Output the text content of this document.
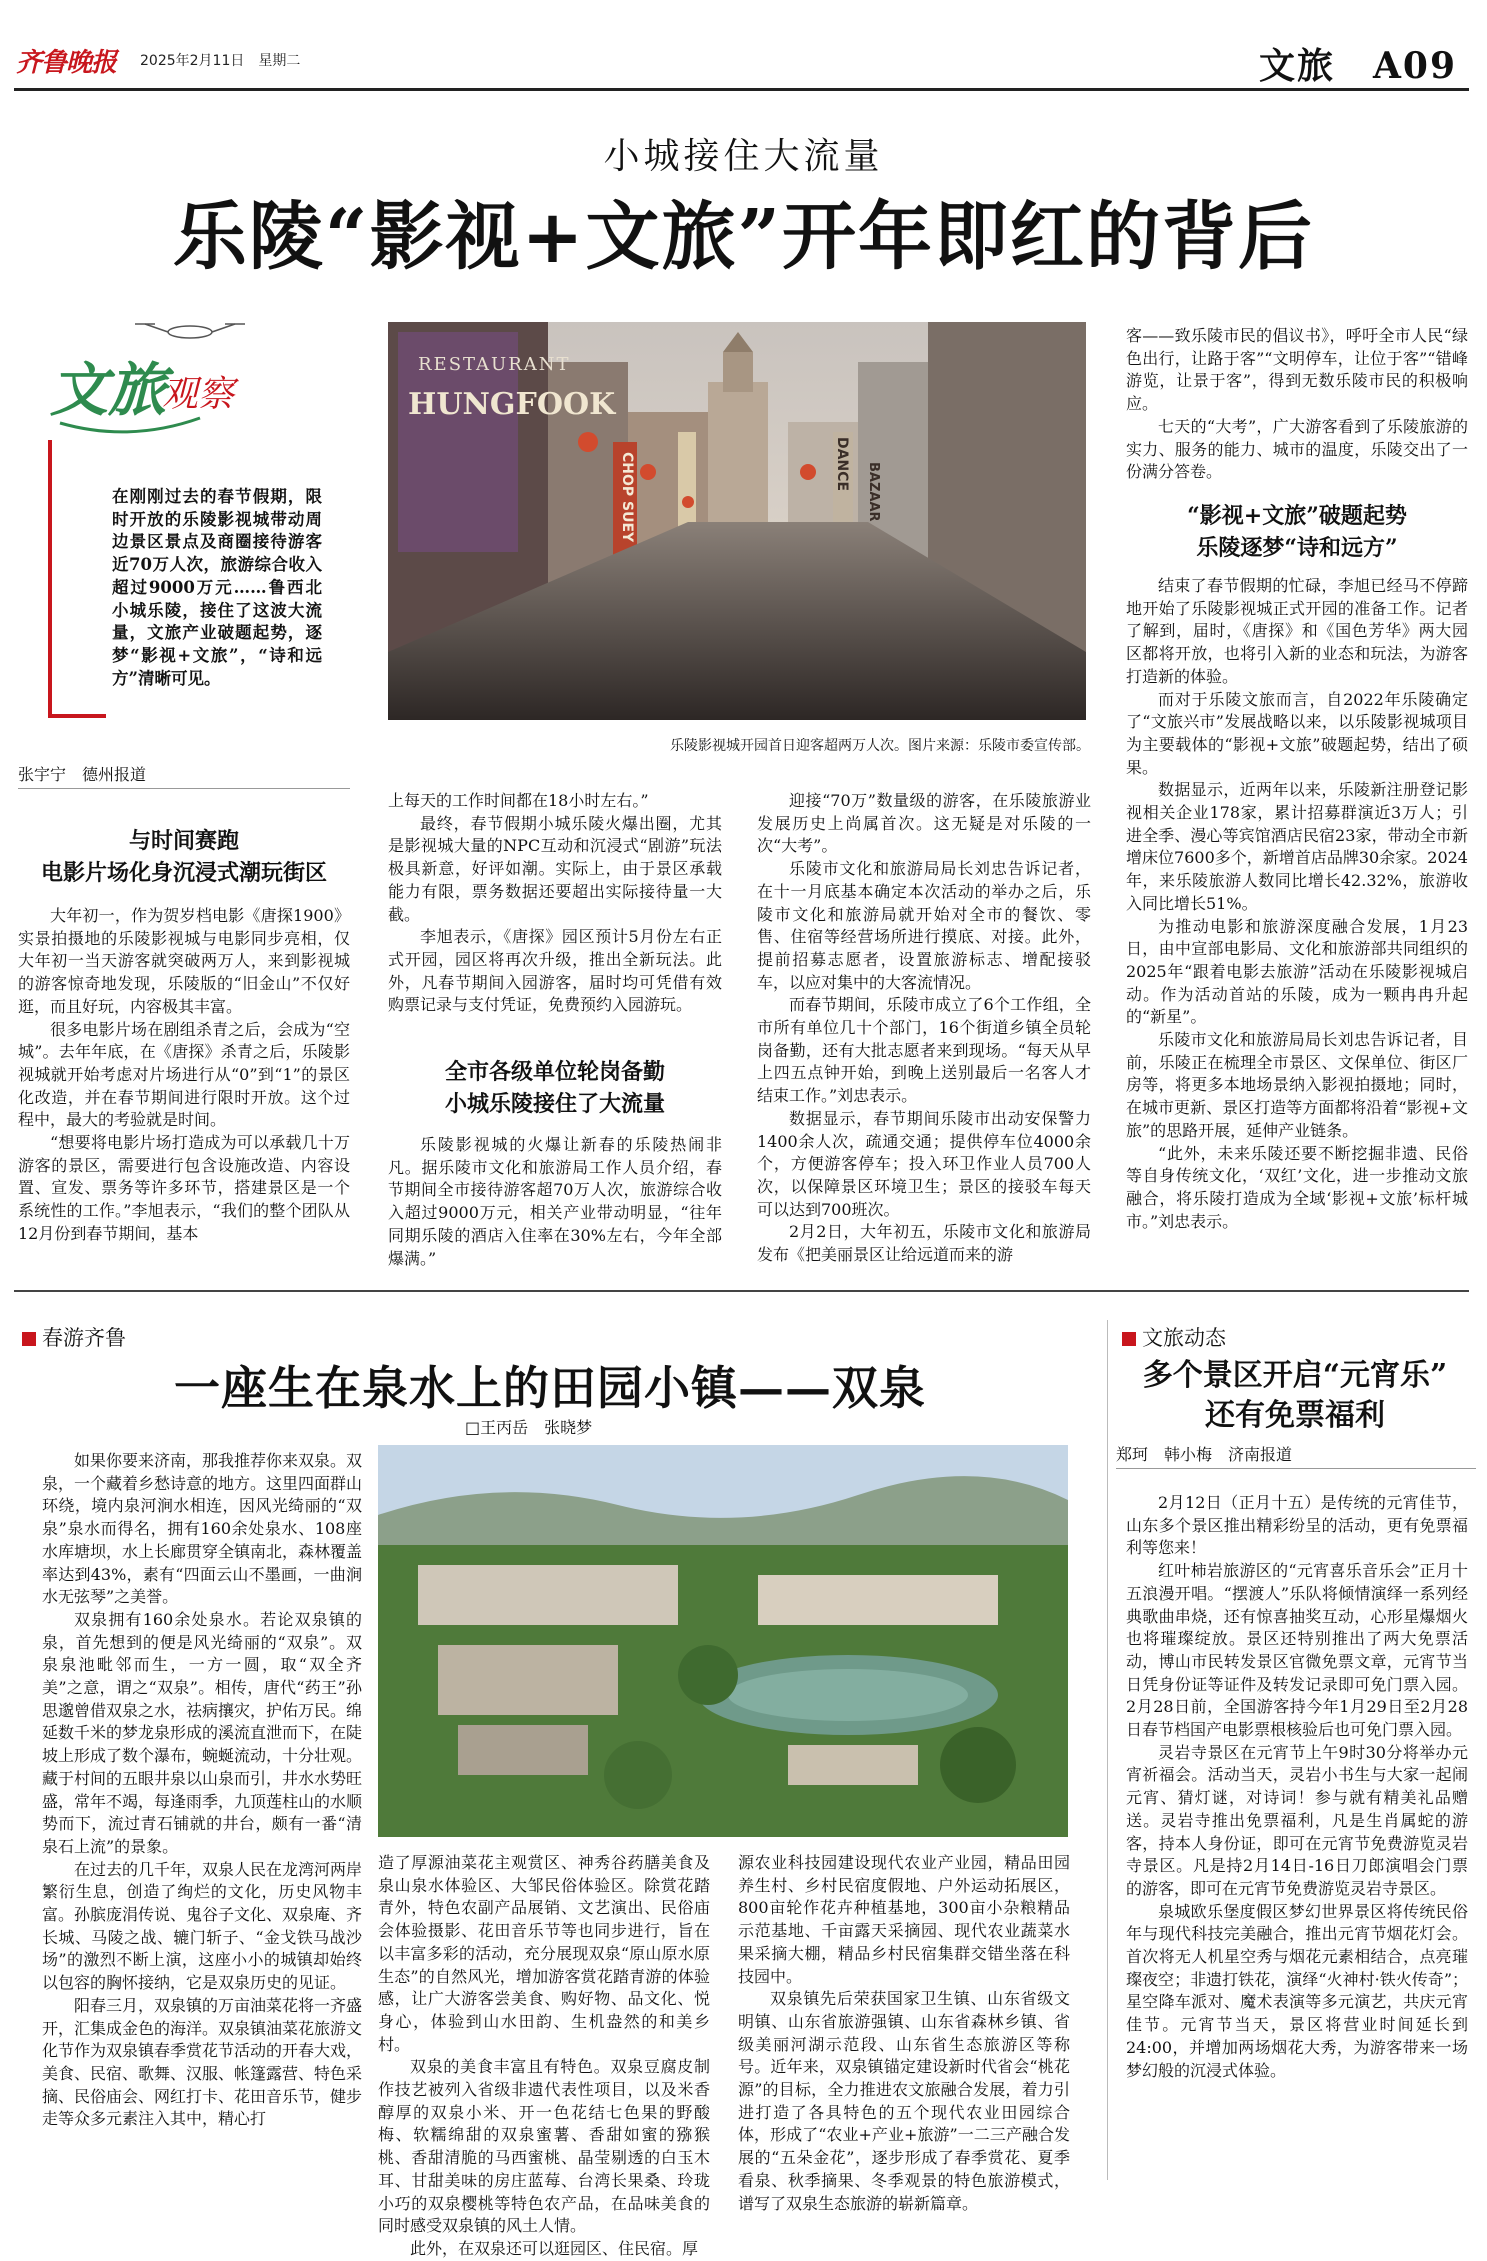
齐鲁晚报 2025年2月11日　星期二	文旅　A09
小城接住大流量
乐陵“影视+文旅”开年即红的背后
文旅
观察
在刚刚过去的春节假期，限时开放的乐陵影视城带动周边景区景点及商圈接待游客近70万人次，旅游综合收入超过9000万元……鲁西北小城乐陵，接住了这波大流量，文旅产业破题起势，逐梦“影视+文旅”，“诗和远方”清晰可见。
RESTAURANT
HUNGFOOK
CHOP SUEY	DANCE BAZAAR
乐陵影视城开园首日迎客超两万人次。图片来源：乐陵市委宣传部。
张宇宁　德州报道
与时间赛跑
电影片场化身沉浸式潮玩街区

大年初一，作为贺岁档电影《唐探1900》实景拍摄地的乐陵影视城与电影同步亮相，仅大年初一当天游客就突破两万人，来到影视城的游客惊奇地发现，乐陵版的“旧金山”不仅好逛，而且好玩，内容极其丰富。

很多电影片场在剧组杀青之后，会成为“空城”。去年年底，在《唐探》杀青之后，乐陵影视城就开始考虑对片场进行从“0”到“1”的景区化改造，并在春节期间进行限时开放。这个过程中，最大的考验就是时间。

“想要将电影片场打造成为可以承载几十万游客的景区，需要进行包含设施改造、内容设置、宣发、票务等许多环节，搭建景区是一个系统性的工作。”李旭表示，“我们的整个团队从12月份到春节期间，基本

上每天的工作时间都在18小时左右。”

最终，春节假期小城乐陵火爆出圈，尤其是影视城大量的NPC互动和沉浸式“剧游”玩法极具新意，好评如潮。实际上，由于景区承载能力有限，票务数据还要超出实际接待量一大截。

李旭表示，《唐探》园区预计5月份左右正式开园，园区将再次升级，推出全新玩法。此外，凡春节期间入园游客，届时均可凭借有效购票记录与支付凭证，免费预约入园游玩。

全市各级单位轮岗备勤
小城乐陵接住了大流量

乐陵影视城的火爆让新春的乐陵热闹非凡。据乐陵市文化和旅游局工作人员介绍，春节期间全市接待游客超70万人次，旅游综合收入超过9000万元，相关产业带动明显，“往年同期乐陵的酒店入住率在30%左右，今年全部爆满。”

迎接“70万”数量级的游客，在乐陵旅游业发展历史上尚属首次。这无疑是对乐陵的一次“大考”。

乐陵市文化和旅游局局长刘忠告诉记者，在十一月底基本确定本次活动的举办之后，乐陵市文化和旅游局就开始对全市的餐饮、零售、住宿等经营场所进行摸底、对接。此外，提前招募志愿者，设置旅游标志、增配接驳车，以应对集中的大客流情况。

而春节期间，乐陵市成立了6个工作组，全市所有单位几十个部门，16个街道乡镇全员轮岗备勤，还有大批志愿者来到现场。“每天从早上四五点钟开始，到晚上送别最后一名客人才结束工作。”刘忠表示。

数据显示，春节期间乐陵市出动安保警力1400余人次，疏通交通；提供停车位4000余个，方便游客停车；投入环卫作业人员700人次，以保障景区环境卫生；景区的接驳车每天可以达到700班次。

2月2日，大年初五，乐陵市文化和旅游局发布《把美丽景区让给远道而来的游

客——致乐陵市民的倡议书》，呼吁全市人民“绿色出行，让路于客”“文明停车，让位于客”“错峰游览，让景于客”，得到无数乐陵市民的积极响应。

七天的“大考”，广大游客看到了乐陵旅游的实力、服务的能力、城市的温度，乐陵交出了一份满分答卷。

“影视+文旅”破题起势
乐陵逐梦“诗和远方”

结束了春节假期的忙碌，李旭已经马不停蹄地开始了乐陵影视城正式开园的准备工作。记者了解到，届时，《唐探》和《国色芳华》两大园区都将开放，也将引入新的业态和玩法，为游客打造新的体验。

而对于乐陵文旅而言，自2022年乐陵确定了“文旅兴市”发展战略以来，以乐陵影视城项目为主要载体的“影视+文旅”破题起势，结出了硕果。

数据显示，近两年以来，乐陵新注册登记影视相关企业178家，累计招募群演近3万人；引进全季、漫心等宾馆酒店民宿23家，带动全市新增床位7600多个，新增首店品牌30余家。2024年，来乐陵旅游人数同比增长42.32%，旅游收入同比增长51%。

为推动电影和旅游深度融合发展，1月23日，由中宣部电影局、文化和旅游部共同组织的2025年“跟着电影去旅游”活动在乐陵影视城启动。作为活动首站的乐陵，成为一颗冉冉升起的“新星”。

乐陵市文化和旅游局局长刘忠告诉记者，目前，乐陵正在梳理全市景区、文保单位、街区厂房等，将更多本地场景纳入影视拍摄地；同时，在城市更新、景区打造等方面都将沿着“影视+文旅”的思路开展，延伸产业链条。

“此外，未来乐陵还要不断挖掘非遗、民俗等自身传统文化，‘双红’文化，进一步推动文旅融合，将乐陵打造成为全域‘影视+文旅’标杆城市。”刘忠表示。

春游齐鲁
一座生在泉水上的田园小镇——双泉
□王丙岳　张晓梦

如果你要来济南，那我推荐你来双泉。双泉，一个藏着乡愁诗意的地方。这里四面群山环绕，境内泉河涧水相连，因风光绮丽的“双泉”泉水而得名，拥有160余处泉水、108座水库塘坝，水上长廊贯穿全镇南北，森林覆盖率达到43%，素有“四面云山不墨画，一曲涧水无弦琴”之美誉。

双泉拥有160余处泉水。若论双泉镇的泉，首先想到的便是风光绮丽的“双泉”。双泉泉池毗邻而生，一方一圆，取“双全齐美”之意，谓之“双泉”。相传，唐代“药王”孙思邈曾借双泉之水，祛病攘灾，护佑万民。绵延数千米的梦龙泉形成的溪流直泄而下，在陡坡上形成了数个瀑布，蜿蜒流动，十分壮观。藏于村间的五眼井泉以山泉而引，井水水势旺盛，常年不竭，每逢雨季，九顶莲柱山的水顺势而下，流过青石铺就的井台，颇有一番“清泉石上流”的景象。

在过去的几千年，双泉人民在龙湾河两岸繁衍生息，创造了绚烂的文化，历史风物丰富。孙膑庞涓传说、鬼谷子文化、双泉庵、齐长城、马陵之战、辘门斩子、“金戈铁马战沙场”的激烈不断上演，这座小小的城镇却始终以包容的胸怀接纳，它是双泉历史的见证。

阳春三月，双泉镇的万亩油菜花将一齐盛开，汇集成金色的海洋。双泉镇油菜花旅游文化节作为双泉镇春季赏花节活动的开春大戏，美食、民宿、歌舞、汉服、帐篷露营、特色采摘、民俗庙会、网红打卡、花田音乐节，健步走等众多元素注入其中，精心打

造了厚源油菜花主观赏区、神秀谷药膳美食及泉山泉水体验区、大邹民俗体验区。除赏花踏青外，特色农副产品展销、文艺演出、民俗庙会体验摄影、花田音乐节等也同步进行，旨在以丰富多彩的活动，充分展现双泉“原山原水原生态”的自然风光，增加游客赏花踏青游的体验感，让广大游客尝美食、购好物、品文化、悦身心，体验到山水田韵、生机盎然的和美乡村。

双泉的美食丰富且有特色。双泉豆腐皮制作技艺被列入省级非遗代表性项目，以及米香醇厚的双泉小米、开一色花结七色果的野酸梅、软糯绵甜的双泉蜜薯、香甜如蜜的猕猴桃、香甜清脆的马西蜜桃、晶莹剔透的白玉木耳、甘甜美味的房庄蓝莓、台湾长果桑、玲珑小巧的双泉樱桃等特色农产品，在品味美食的同时感受双泉镇的风土人情。

此外，在双泉还可以逛园区、住民宿。厚

源农业科技园建设现代农业产业园，精品田园养生村、乡村民宿度假地、户外运动拓展区，800亩轮作花卉种植基地，300亩小杂粮精品示范基地、千亩露天采摘园、现代农业蔬菜水果采摘大棚，精品乡村民宿集群交错坐落在科技园中。

双泉镇先后荣获国家卫生镇、山东省级文明镇、山东省旅游强镇、山东省森林乡镇、省级美丽河湖示范段、山东省生态旅游区等称号。近年来，双泉镇锚定建设新时代省会“桃花源”的目标，全力推进农文旅融合发展，着力引进打造了各具特色的五个现代农业田园综合体，形成了“农业+产业+旅游”一二三产融合发展的“五朵金花”，逐步形成了春季赏花、夏季看泉、秋季摘果、冬季观景的特色旅游模式，谱写了双泉生态旅游的崭新篇章。

文旅动态
多个景区开启“元宵乐”
还有免票福利
郑珂　韩小梅　济南报道

2月12日（正月十五）是传统的元宵佳节，山东多个景区推出精彩纷呈的活动，更有免票福利等您来！

红叶柿岩旅游区的“元宵喜乐音乐会”正月十五浪漫开唱。“摆渡人”乐队将倾情演绎一系列经典歌曲串烧，还有惊喜抽奖互动，心形星爆烟火也将璀璨绽放。景区还特别推出了两大免票活动，博山市民转发景区官微免票文章，元宵节当日凭身份证等证件及转发记录即可免门票入园。2月28日前，全国游客持今年1月29日至2月28日春节档国产电影票根核验后也可免门票入园。

灵岩寺景区在元宵节上午9时30分将举办元宵祈福会。活动当天，灵岩小书生与大家一起闹元宵、猜灯谜，对诗词！参与就有精美礼品赠送。灵岩寺推出免票福利，凡是生肖属蛇的游客，持本人身份证，即可在元宵节免费游览灵岩寺景区。凡是持2月14日-16日刀郎演唱会门票的游客，即可在元宵节免费游览灵岩寺景区。

泉城欧乐堡度假区梦幻世界景区将传统民俗年与现代科技完美融合，推出元宵节烟花灯会。首次将无人机星空秀与烟花元素相结合，点亮璀璨夜空；非遗打铁花，演绎“火神村·铁火传奇”；星空降车派对、魔术表演等多元演艺，共庆元宵佳节。元宵节当天，景区将营业时间延长到24:00，并增加两场烟花大秀，为游客带来一场梦幻般的沉浸式体验。
